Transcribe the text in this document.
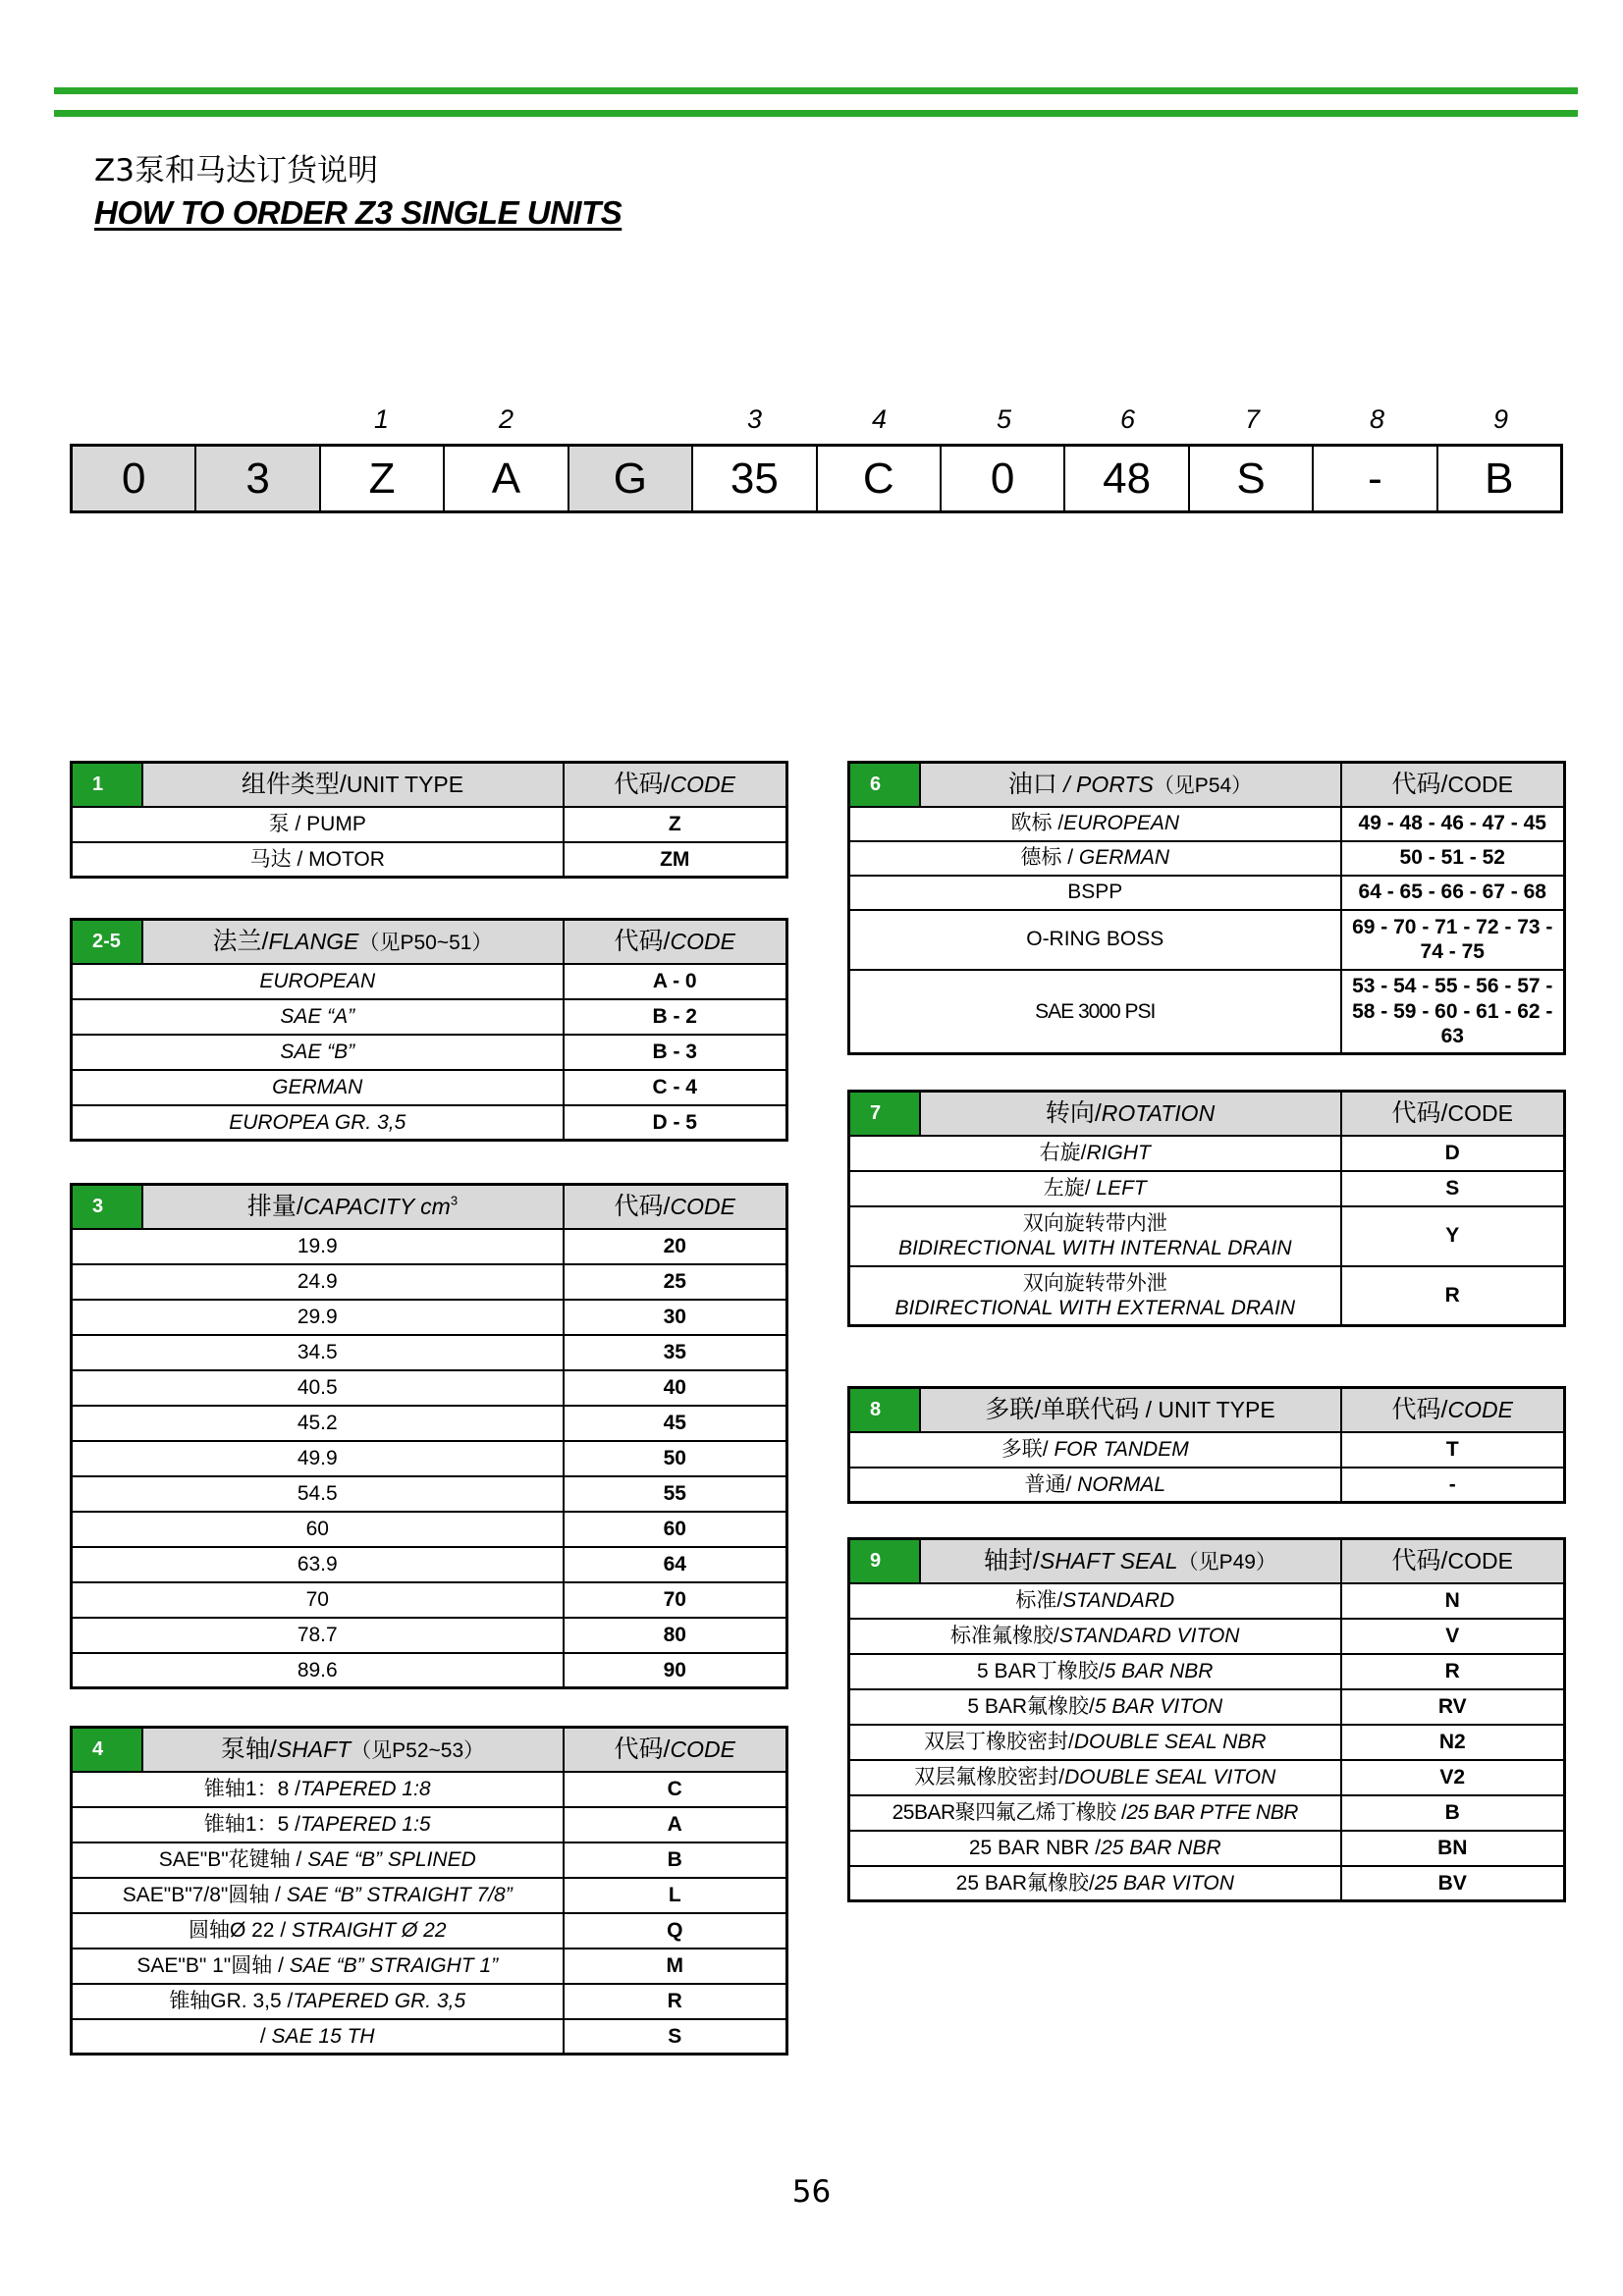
Z3泵和马达订货说明
HOW TO ORDER Z3 SINGLE UNITS
1	2	3	4	5	6	7	8	9
0	3	Z	A	G	35	C	0	48	S	-	B
1	组件类型/UNIT TYPE	代码/CODE
泵 / PUMP		Z
马达 / MOTOR		ZM
2-5	法兰/FLANGE（见P50~51）	代码/CODE
EUROPEAN		A - 0
SAE “A”		B - 2
SAE “B”		B - 3
GERMAN		C - 4
EUROPEA GR. 3,5		D - 5
3	排量/CAPACITY $cm^3$	代码/CODE
19.9		20
24.9		25
29.9		30
34.5		35
40.5		40
45.2		45
49.9		50
54.5		55
60		60
63.9		64
70		70
78.7		80
89.6		90
4	泵轴/SHAFT（见P52~53）	代码/CODE
锥轴1：8 /TAPERED 1:8		C
锥轴1：5 /TAPERED 1:5		A
SAE"B"花键轴 / SAE “B” SPLINED		B
SAE"B"7/8"圆轴 / SAE “B” STRAIGHT 7/8”		L
圆轴Ø 22 / STRAIGHT Ø 22		Q
SAE"B" 1"圆轴 / SAE “B” STRAIGHT 1”		M
锥轴GR. 3,5 /TAPERED GR. 3,5		R
/ SAE 15 TH		S
6	油口 / PORTS（见P54）	代码/CODE
欧标 /EUROPEAN		49 - 48 - 46 - 47 - 45
德标 / GERMAN		50 - 51 - 52
BSPP		64 - 65 - 66 - 67 - 68
O-RING BOSS		69 - 70 - 71 - 72 - 73 - 74 - 75
SAE 3000 PSI		53 - 54 - 55 - 56 - 57 - 58 - 59 - 60 - 61 - 62 - 63
7	转向/ROTATION	代码/CODE
右旋/RIGHT		D
左旋/ LEFT		S

双向旋转带内泄
BIDIRECTIONAL WITH INTERNAL DRAIN		Y

双向旋转带外泄
BIDIRECTIONAL WITH EXTERNAL DRAIN		R
8	多联/单联代码 / UNIT TYPE	代码/CODE
多联/ FOR TANDEM		T
普通/ NORMAL		-
9	轴封/SHAFT SEAL（见P49）	代码/CODE
标准/STANDARD		N
标准氟橡胶/STANDARD VITON		V
5 BAR丁橡胶/5 BAR NBR		R
5 BAR氟橡胶/5 BAR VITON		RV
双层丁橡胶密封/DOUBLE SEAL NBR		N2
双层氟橡胶密封/DOUBLE SEAL VITON		V2
25BAR聚四氟乙烯丁橡胶 /25 BAR PTFE NBR		B
25 BAR NBR /25 BAR NBR		BN
25 BAR氟橡胶/25 BAR VITON		BV
56
